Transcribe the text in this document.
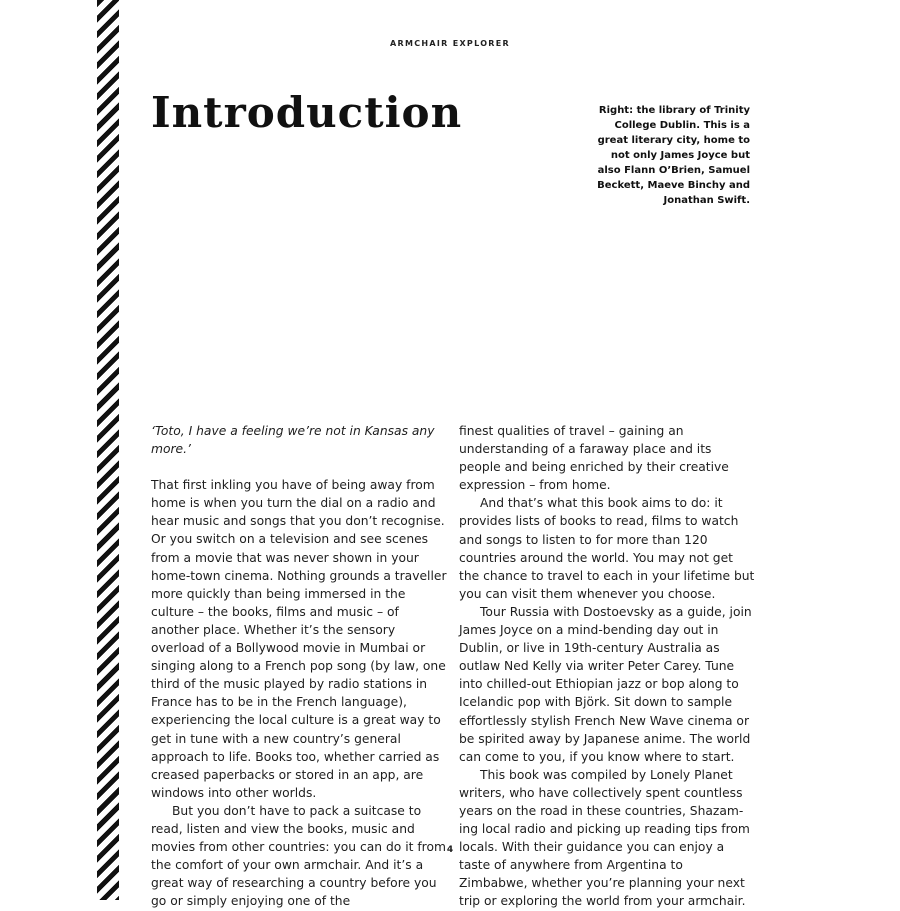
ARMCHAIR EXPLORER
Introduction	Right: the library of Trinity College Dublin. This is a great literary city, home to not only James Joyce but also Flann O’Brien, Samuel Beckett, Maeve Binchy and Jonathan Swift.

‘Toto, I have a feeling we’re not in Kansas any more.’

That first inkling you have of being away from home is when you turn the dial on a radio and hear music and songs that you don’t recognise. Or you switch on a television and see scenes from a movie that was never shown in your home-town cinema. Nothing grounds a traveller more quickly than being immersed in the culture – the books, films and music – of another place. Whether it’s the sensory overload of a Bollywood movie in Mumbai or singing along to a French pop song (by law, one third of the music played by radio stations in France has to be in the French language), experiencing the local culture is a great way to get in tune with a new country’s general approach to life. Books too, whether carried as creased paperbacks or stored in an app, are windows into other worlds.

But you don’t have to pack a suitcase to read, listen and view the books, music and movies from other countries: you can do it from the comfort of your own armchair. And it’s a great way of researching a country before you go or simply enjoying one of the

finest qualities of travel – gaining an understanding of a faraway place and its people and being enriched by their creative expression – from home.

And that’s what this book aims to do: it provides lists of books to read, films to watch and songs to listen to for more than 120 countries around the world. You may not get the chance to travel to each in your lifetime but you can visit them whenever you choose.

Tour Russia with Dostoevsky as a guide, join James Joyce on a mind-bending day out in Dublin, or live in 19th-century Australia as outlaw Ned Kelly via writer Peter Carey. Tune into chilled-out Ethiopian jazz or bop along to Icelandic pop with Björk. Sit down to sample effortlessly stylish French New Wave cinema or be spirited away by Japanese anime. The world can come to you, if you know where to start.

This book was compiled by Lonely Planet writers, who have collectively spent countless years on the road in these countries, Shazam-ing local radio and picking up reading tips from locals. With their guidance you can enjoy a taste of anywhere from Argentina to Zimbabwe, whether you’re planning your next trip or exploring the world from your armchair.

4
